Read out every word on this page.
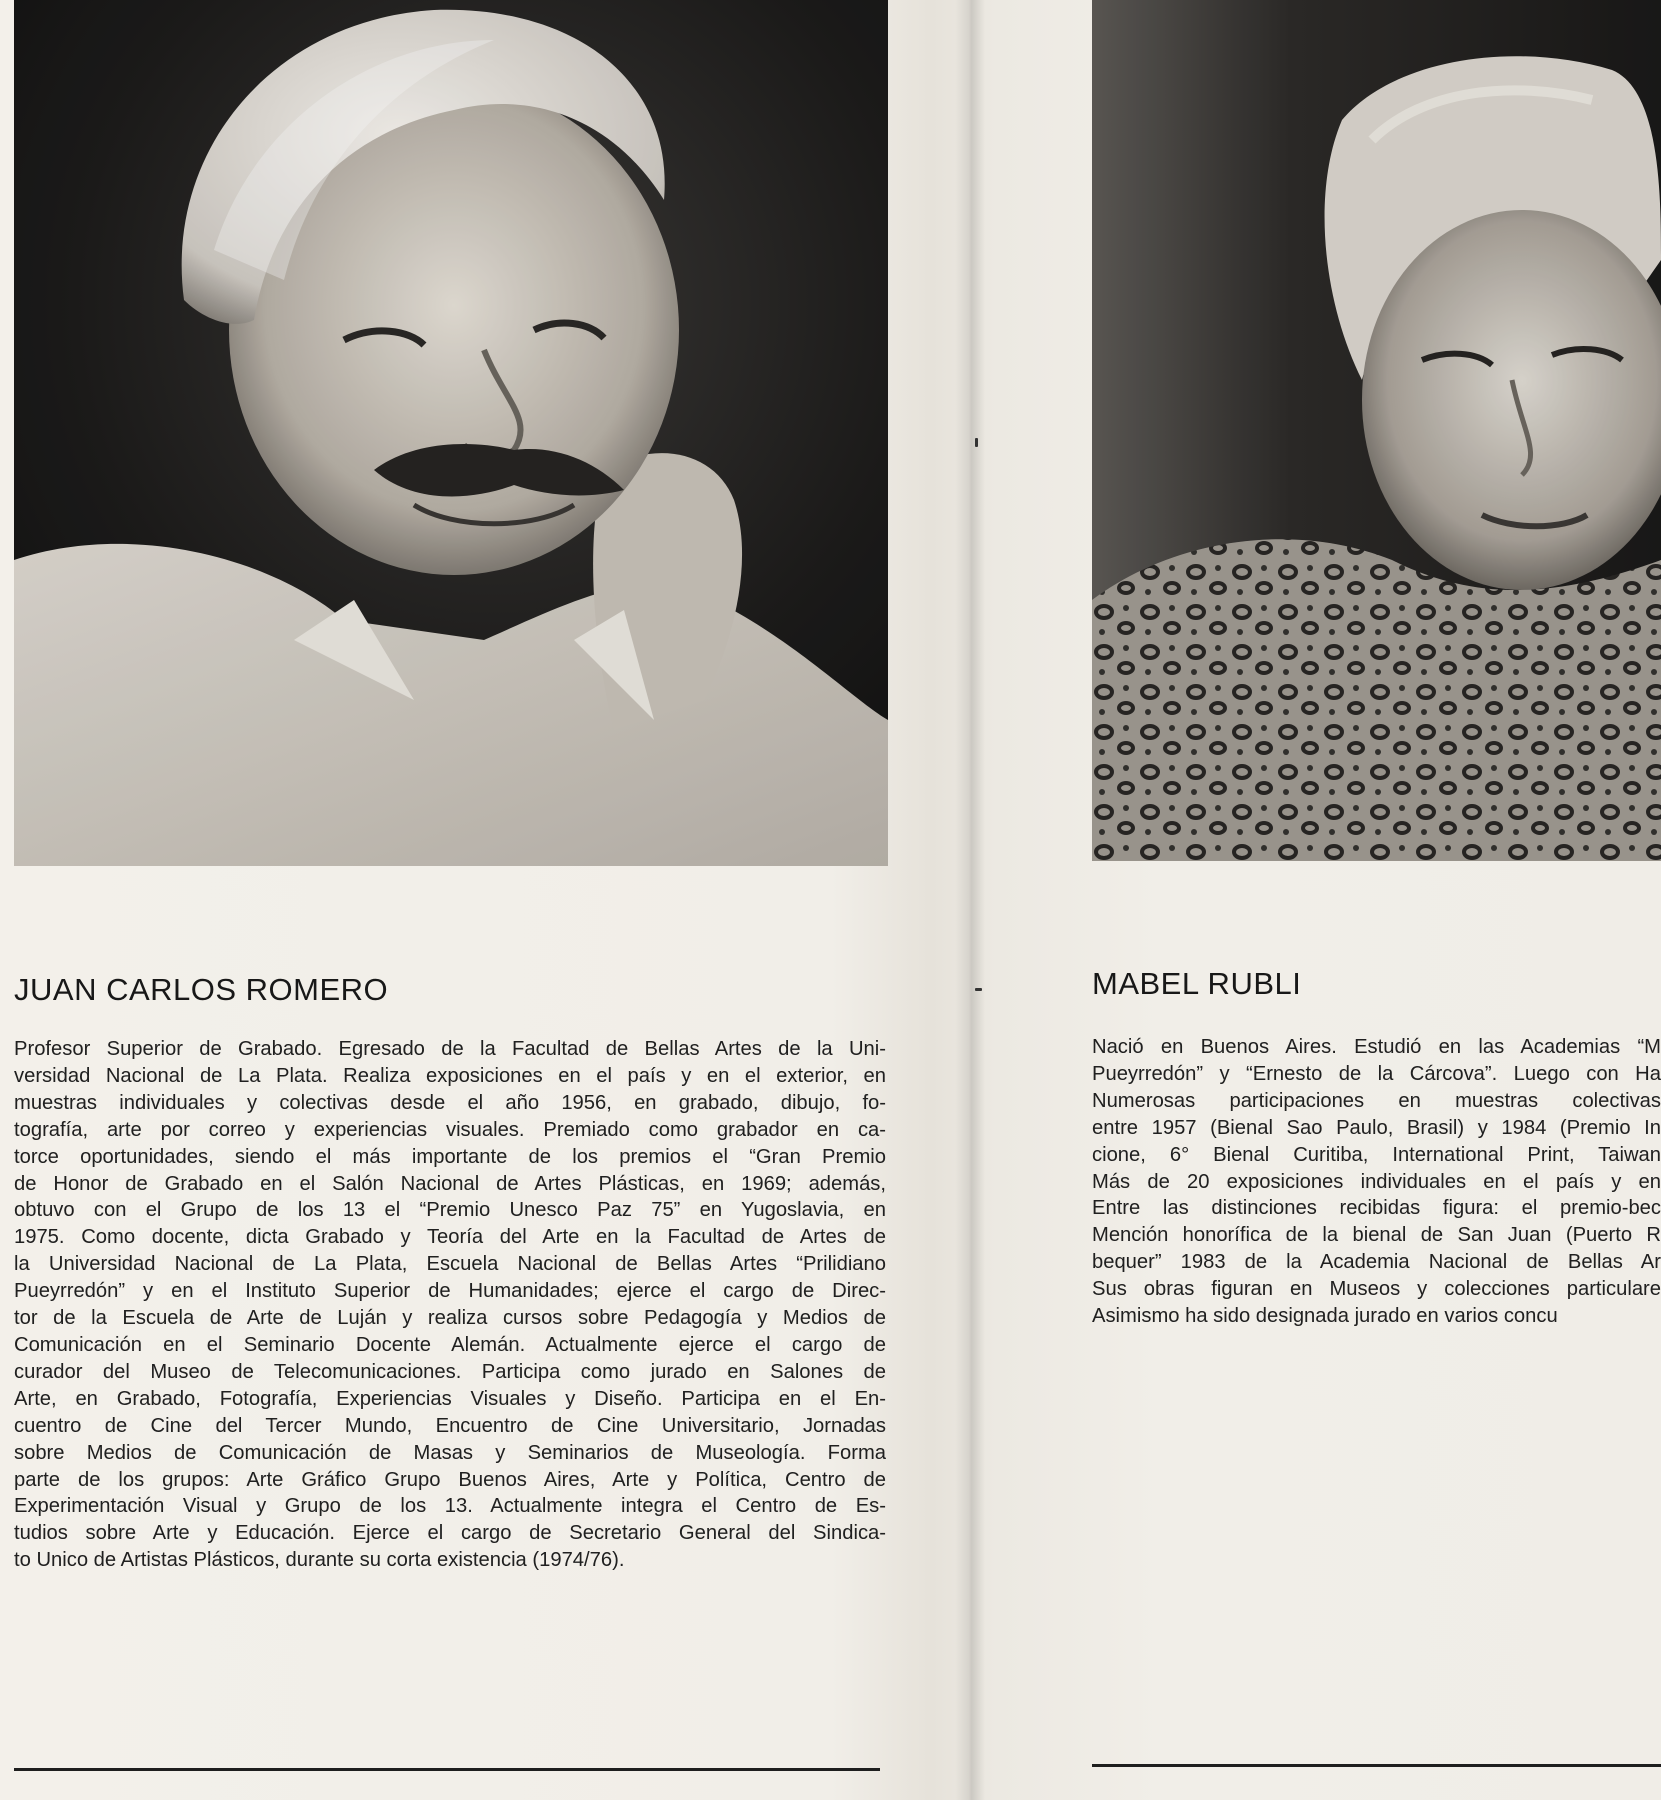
JUAN CARLOS ROMERO
Profesor Superior de Grabado. Egresado de la Facultad de Bellas Artes de la Uni-
versidad Nacional de La Plata. Realiza exposiciones en el país y en el exterior, en
muestras individuales y colectivas desde el año 1956, en grabado, dibujo, fo-
tografía, arte por correo y experiencias visuales. Premiado como grabador en ca-
torce oportunidades, siendo el más importante de los premios el “Gran Premio
de Honor de Grabado en el Salón Nacional de Artes Plásticas, en 1969; además,
obtuvo con el Grupo de los 13 el “Premio Unesco Paz 75” en Yugoslavia, en
1975. Como docente, dicta Grabado y Teoría del Arte en la Facultad de Artes de
la Universidad Nacional de La Plata, Escuela Nacional de Bellas Artes “Prilidiano
Pueyrredón” y en el Instituto Superior de Humanidades; ejerce el cargo de Direc-
tor de la Escuela de Arte de Luján y realiza cursos sobre Pedagogía y Medios de
Comunicación en el Seminario Docente Alemán. Actualmente ejerce el cargo de
curador del Museo de Telecomunicaciones. Participa como jurado en Salones de
Arte, en Grabado, Fotografía, Experiencias Visuales y Diseño. Participa en el En-
cuentro de Cine del Tercer Mundo, Encuentro de Cine Universitario, Jornadas
sobre Medios de Comunicación de Masas y Seminarios de Museología. Forma
parte de los grupos: Arte Gráfico Grupo Buenos Aires, Arte y Política, Centro de
Experimentación Visual y Grupo de los 13. Actualmente integra el Centro de Es-
tudios sobre Arte y Educación. Ejerce el cargo de Secretario General del Sindica-
to Unico de Artistas Plásticos, durante su corta existencia (1974/76).
MABEL RUBLI
Nació en Buenos Aires. Estudió en las Academias “M
Pueyrredón” y “Ernesto de la Cárcova”. Luego con Ha
Numerosas participaciones en muestras colectivas
entre 1957 (Bienal Sao Paulo, Brasil) y 1984 (Premio In
cione, 6° Bienal Curitiba, International Print, Taiwan
Más de 20 exposiciones individuales en el país y en
Entre las distinciones recibidas figura: el premio-bec
Mención honorífica de la bienal de San Juan (Puerto R
bequer” 1983 de la Academia Nacional de Bellas Ar
Sus obras figuran en Museos y colecciones particulare
Asimismo ha sido designada jurado en varios concu
